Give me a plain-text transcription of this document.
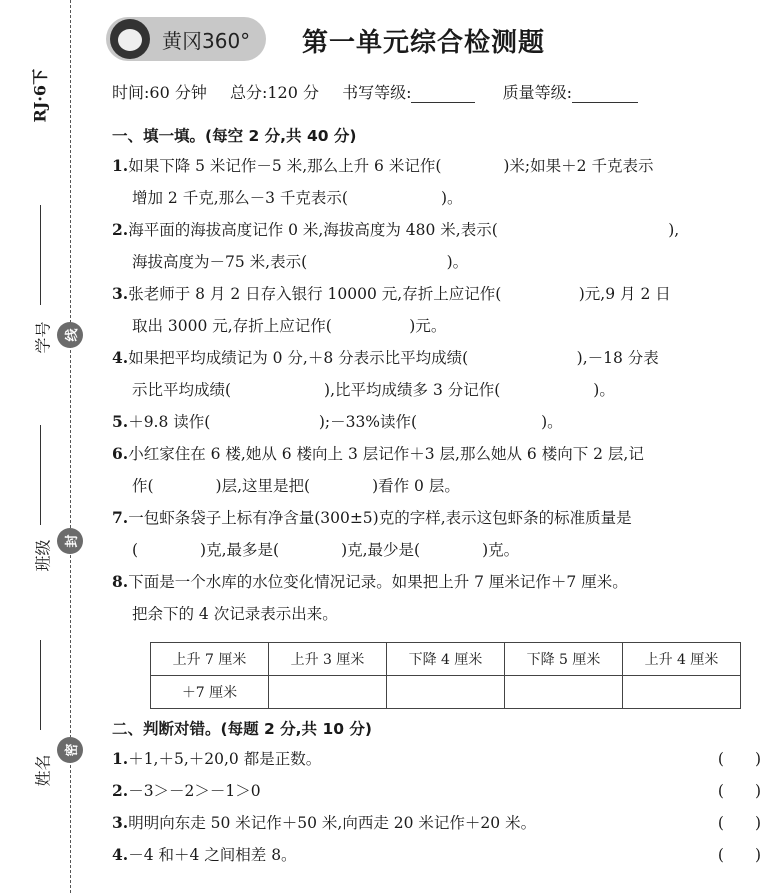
RJ·6下
学号
班级
姓名
线
封
密
黄冈360° 第一单元综合检测题
时间:60 分钟 总分:120 分 书写等级:	质量等级:
一、填一填。(每空 2 分,共 40 分)
1.如果下降 5 米记作－5 米,那么上升 6 米记作(　　　　)米;如果＋2 千克表示
增加 2 千克,那么－3 千克表示(　　　　　　)。
2.海平面的海拔高度记作 0 米,海拔高度为 480 米,表示(　　　　　　　　　　　),
海拔高度为－75 米,表示(　　　　　　　　　)。
3.张老师于 8 月 2 日存入银行 10000 元,存折上应记作(　　　　　)元,9 月 2 日
取出 3000 元,存折上应记作(　　　　　)元。
4.如果把平均成绩记为 0 分,＋8 分表示比平均成绩(　　　　　　　),－18 分表
示比平均成绩(　　　　　　),比平均成绩多 3 分记作(　　　　　　)。
5.＋9.8 读作(　　　　　　　);－33%读作(　　　　　　　　)。
6.小红家住在 6 楼,她从 6 楼向上 3 层记作＋3 层,那么她从 6 楼向下 2 层,记
作(　　　　)层,这里是把(　　　　)看作 0 层。
7.一包虾条袋子上标有净含量(300±5)克的字样,表示这包虾条的标准质量是
(　　　　)克,最多是(　　　　)克,最少是(　　　　)克。
8.下面是一个水库的水位变化情况记录。如果把上升 7 厘米记作＋7 厘米。
把余下的 4 次记录表示出来。
上升 7 厘米	上升 3 厘米	下降 4 厘米	下降 5 厘米	上升 4 厘米
＋7 厘米				
二、判断对错。(每题 2 分,共 10 分)
1.＋1,＋5,＋20,0 都是正数。	(　　)
2.－3＞－2＞－1＞0	(　　)
3.明明向东走 50 米记作＋50 米,向西走 20 米记作＋20 米。	(　　)
4.－4 和＋4 之间相差 8。	(　　)
